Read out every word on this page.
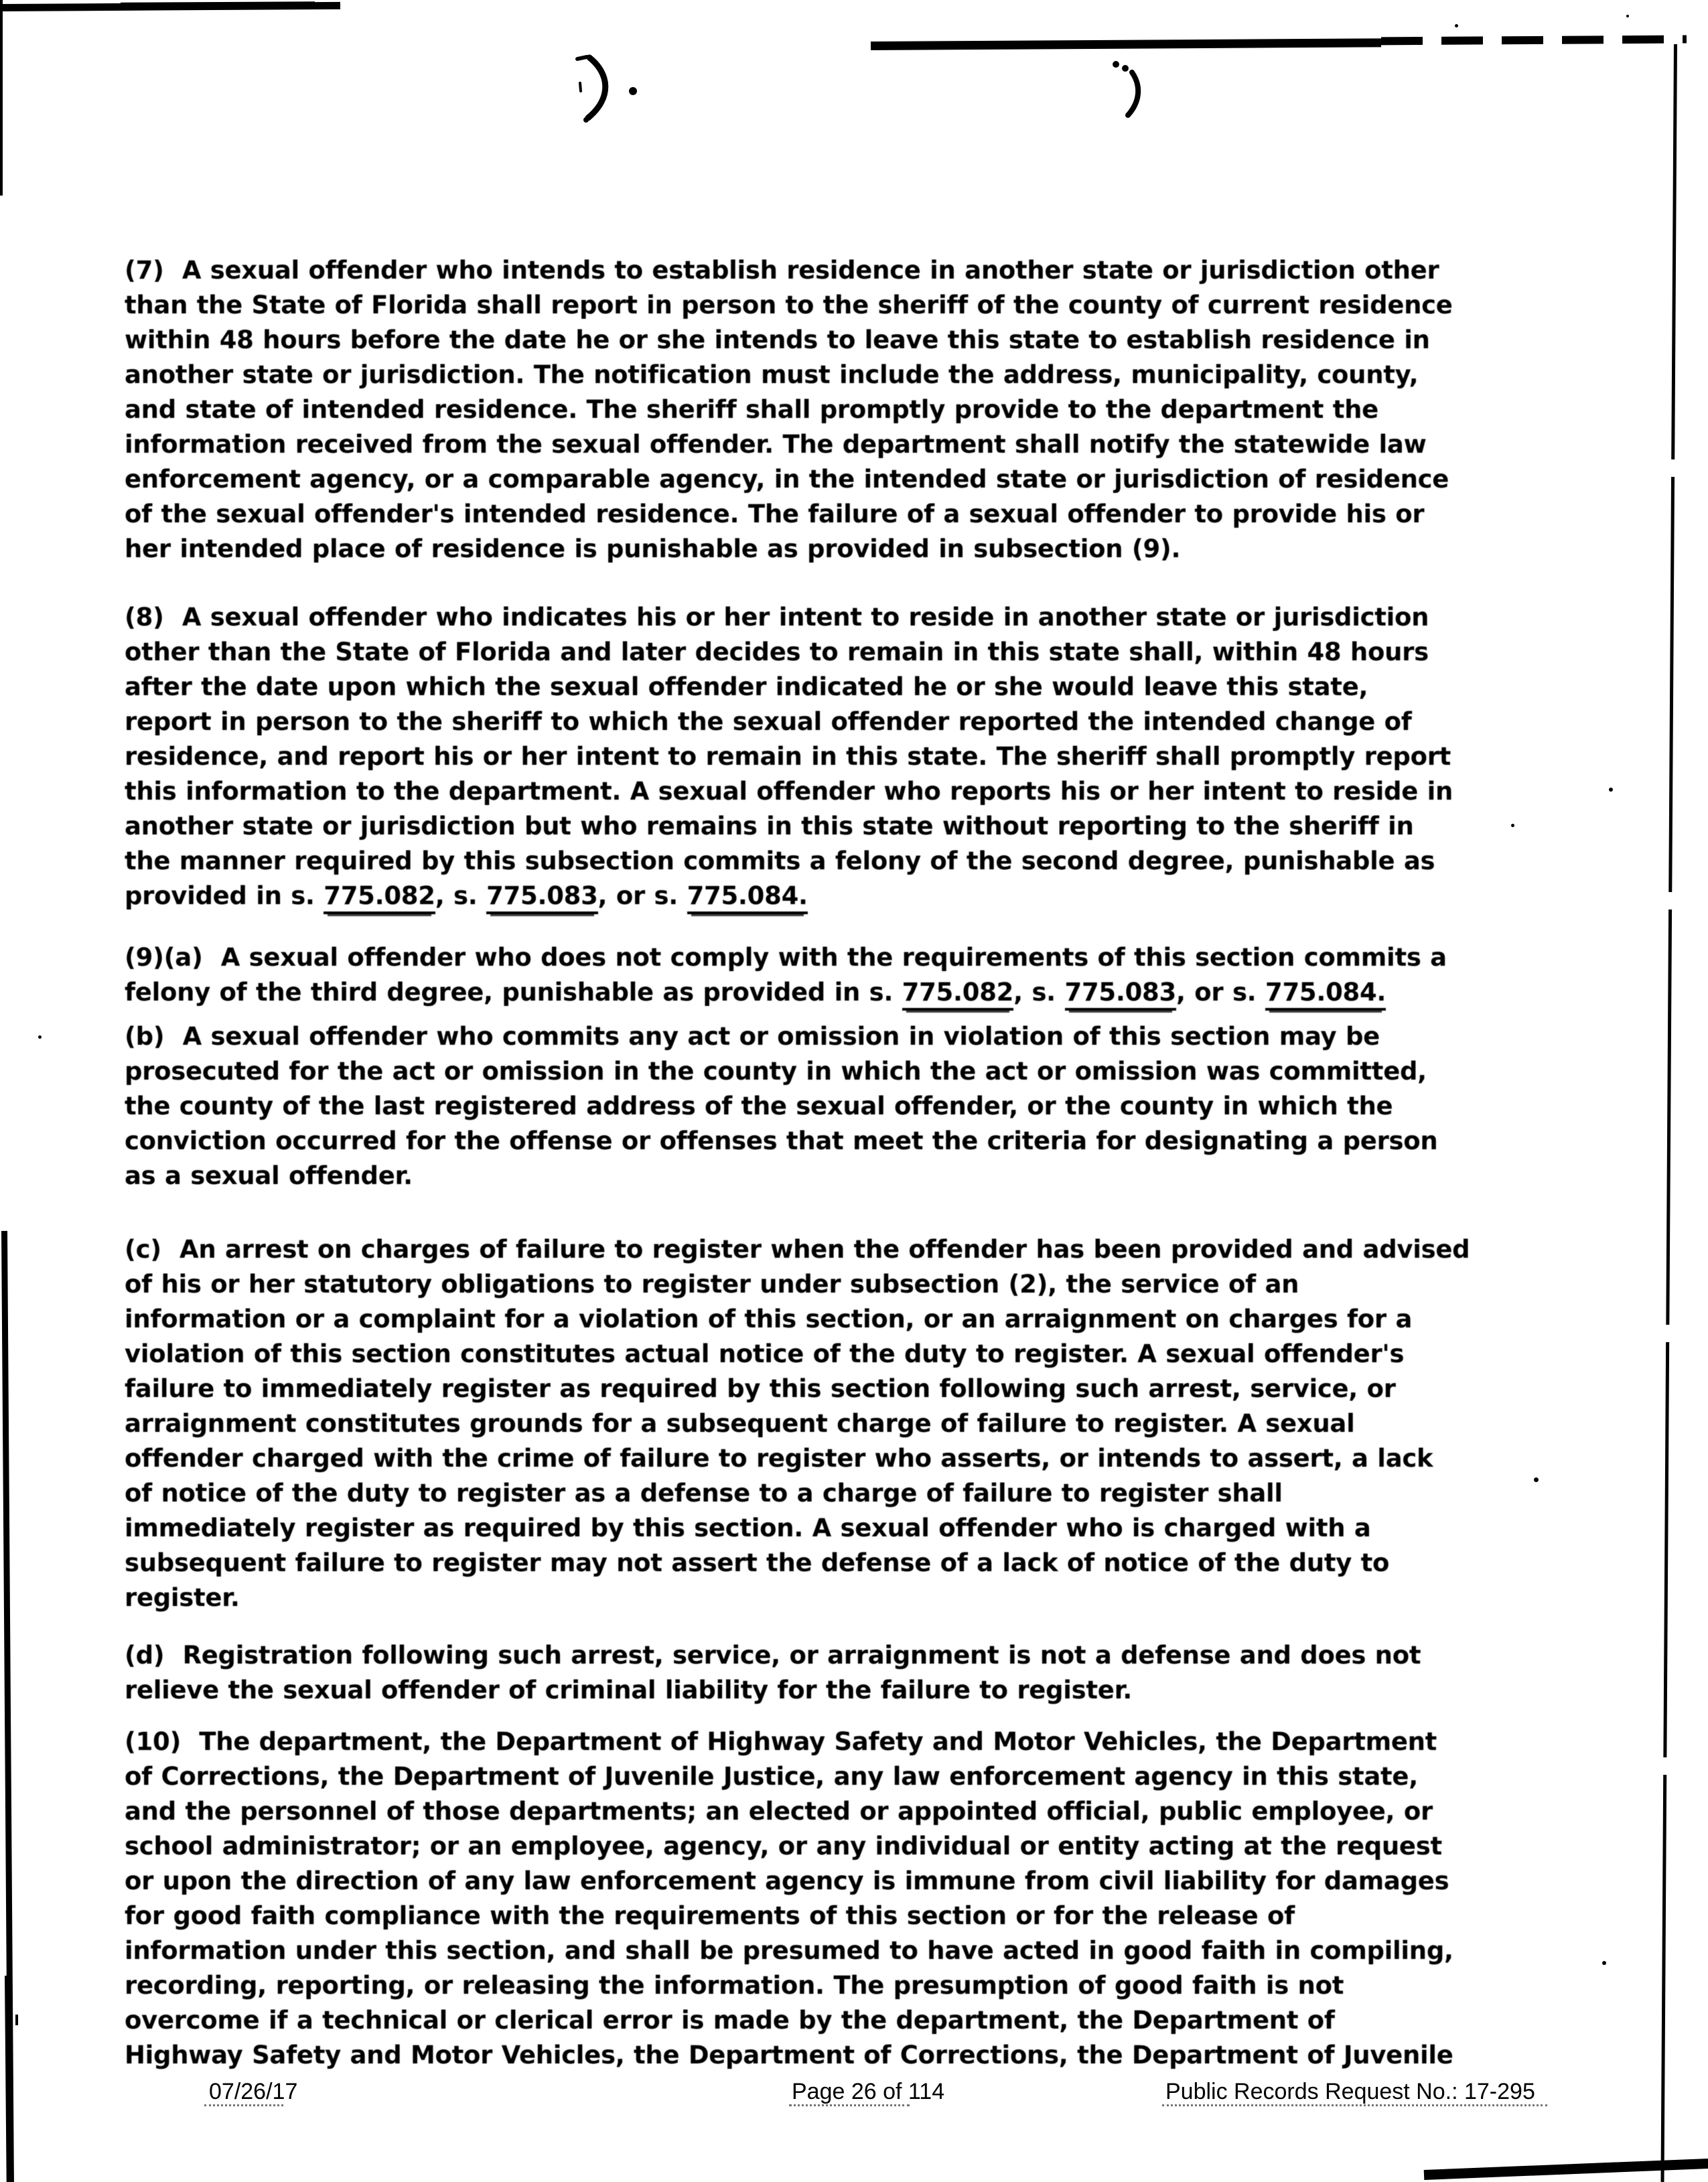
(7)  A sexual offender who intends to establish residence in another state or jurisdiction other
than the State of Florida shall report in person to the sheriff of the county of current residence
within 48 hours before the date he or she intends to leave this state to establish residence in
another state or jurisdiction. The notification must include the address, municipality, county,
and state of intended residence. The sheriff shall promptly provide to the department the
information received from the sexual offender. The department shall notify the statewide law
enforcement agency, or a comparable agency, in the intended state or jurisdiction of residence
of the sexual offender's intended residence. The failure of a sexual offender to provide his or
her intended place of residence is punishable as provided in subsection (9).
(8)  A sexual offender who indicates his or her intent to reside in another state or jurisdiction
other than the State of Florida and later decides to remain in this state shall, within 48 hours
after the date upon which the sexual offender indicated he or she would leave this state,
report in person to the sheriff to which the sexual offender reported the intended change of
residence, and report his or her intent to remain in this state. The sheriff shall promptly report
this information to the department. A sexual offender who reports his or her intent to reside in
another state or jurisdiction but who remains in this state without reporting to the sheriff in
the manner required by this subsection commits a felony of the second degree, punishable as
provided in s. 775.082, s. 775.083, or s. 775.084.
(9)(a)  A sexual offender who does not comply with the requirements of this section commits a
felony of the third degree, punishable as provided in s. 775.082, s. 775.083, or s. 775.084.
(b)  A sexual offender who commits any act or omission in violation of this section may be
prosecuted for the act or omission in the county in which the act or omission was committed,
the county of the last registered address of the sexual offender, or the county in which the
conviction occurred for the offense or offenses that meet the criteria for designating a person
as a sexual offender.
(c)  An arrest on charges of failure to register when the offender has been provided and advised
of his or her statutory obligations to register under subsection (2), the service of an
information or a complaint for a violation of this section, or an arraignment on charges for a
violation of this section constitutes actual notice of the duty to register. A sexual offender's
failure to immediately register as required by this section following such arrest, service, or
arraignment constitutes grounds for a subsequent charge of failure to register. A sexual
offender charged with the crime of failure to register who asserts, or intends to assert, a lack
of notice of the duty to register as a defense to a charge of failure to register shall
immediately register as required by this section. A sexual offender who is charged with a
subsequent failure to register may not assert the defense of a lack of notice of the duty to
register.
(d)  Registration following such arrest, service, or arraignment is not a defense and does not
relieve the sexual offender of criminal liability for the failure to register.
(10)  The department, the Department of Highway Safety and Motor Vehicles, the Department
of Corrections, the Department of Juvenile Justice, any law enforcement agency in this state,
and the personnel of those departments; an elected or appointed official, public employee, or
school administrator; or an employee, agency, or any individual or entity acting at the request
or upon the direction of any law enforcement agency is immune from civil liability for damages
for good faith compliance with the requirements of this section or for the release of
information under this section, and shall be presumed to have acted in good faith in compiling,
recording, reporting, or releasing the information. The presumption of good faith is not
overcome if a technical or clerical error is made by the department, the Department of
Highway Safety and Motor Vehicles, the Department of Corrections, the Department of Juvenile
07/26/17	Page 26 of 114	Public Records Request No.: 17-295
